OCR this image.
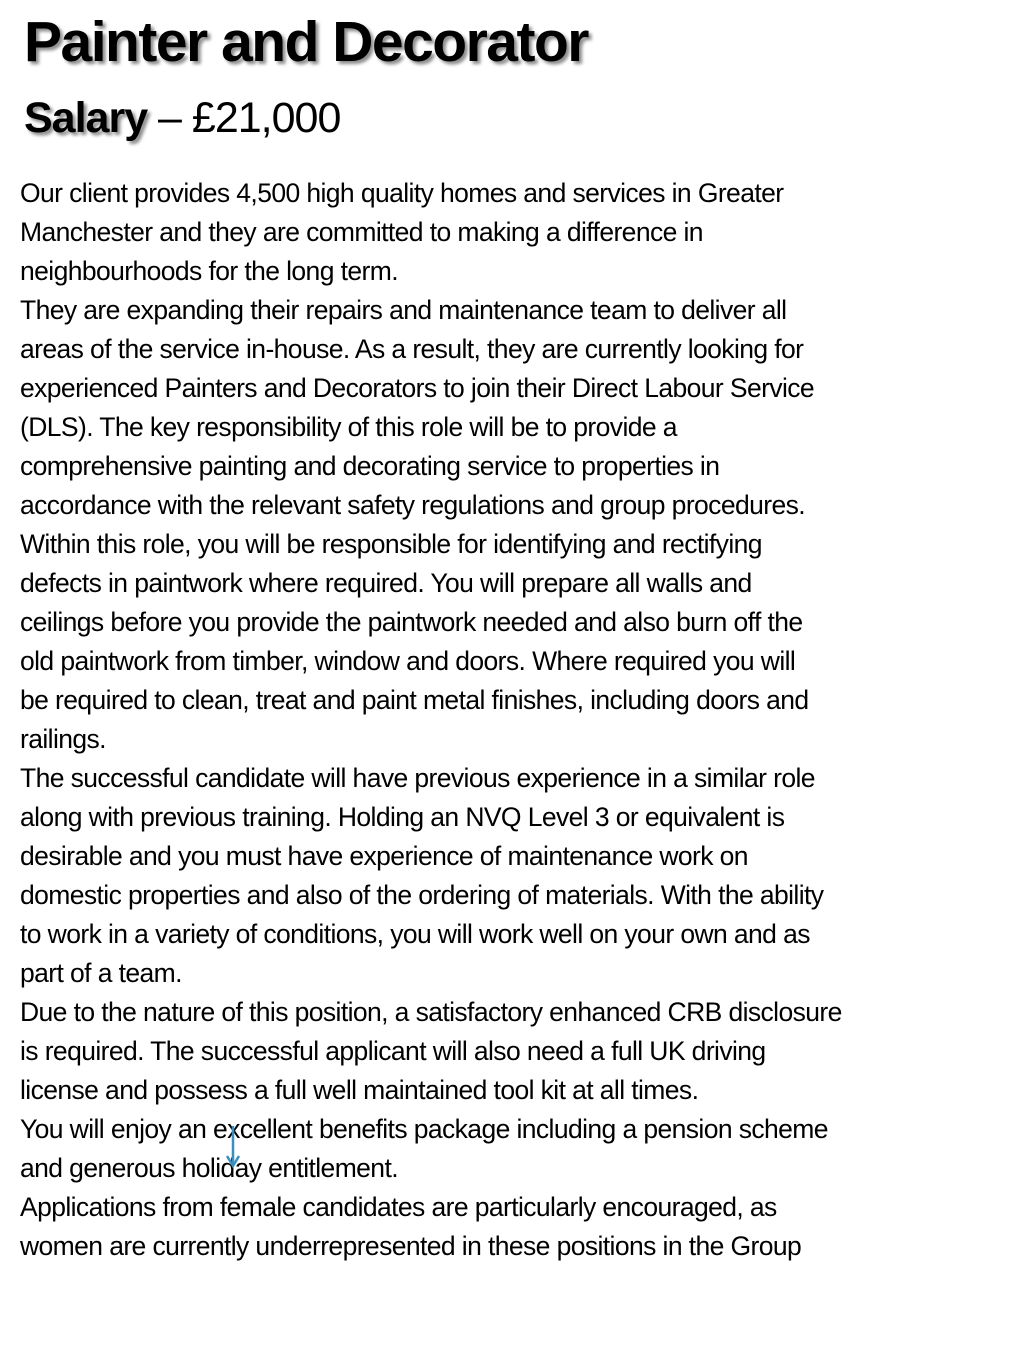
Painter and Decorator

Salary – £21,000

Our client provides 4,500 high quality homes and services in Greater
Manchester and they are committed to making a difference in
neighbourhoods for the long term.
They are expanding their repairs and maintenance team to deliver all
areas of the service in-house. As a result, they are currently looking for
experienced Painters and Decorators to join their Direct Labour Service
(DLS). The key responsibility of this role will be to provide a
comprehensive painting and decorating service to properties in
accordance with the relevant safety regulations and group procedures.
Within this role, you will be responsible for identifying and rectifying
defects in paintwork where required. You will prepare all walls and
ceilings before you provide the paintwork needed and also burn off the
old paintwork from timber, window and doors. Where required you will
be required to clean, treat and paint metal finishes, including doors and
railings.
The successful candidate will have previous experience in a similar role
along with previous training. Holding an NVQ Level 3 or equivalent is
desirable and you must have experience of maintenance work on
domestic properties and also of the ordering of materials. With the ability
to work in a variety of conditions, you will work well on your own and as
part of a team.
Due to the nature of this position, a satisfactory enhanced CRB disclosure
is required. The successful applicant will also need a full UK driving
license and possess a full well maintained tool kit at all times.
You will enjoy an excellent benefits package including a pension scheme
and generous holiday entitlement.
Applications from female candidates are particularly encouraged, as
women are currently underrepresented in these positions in the Group
